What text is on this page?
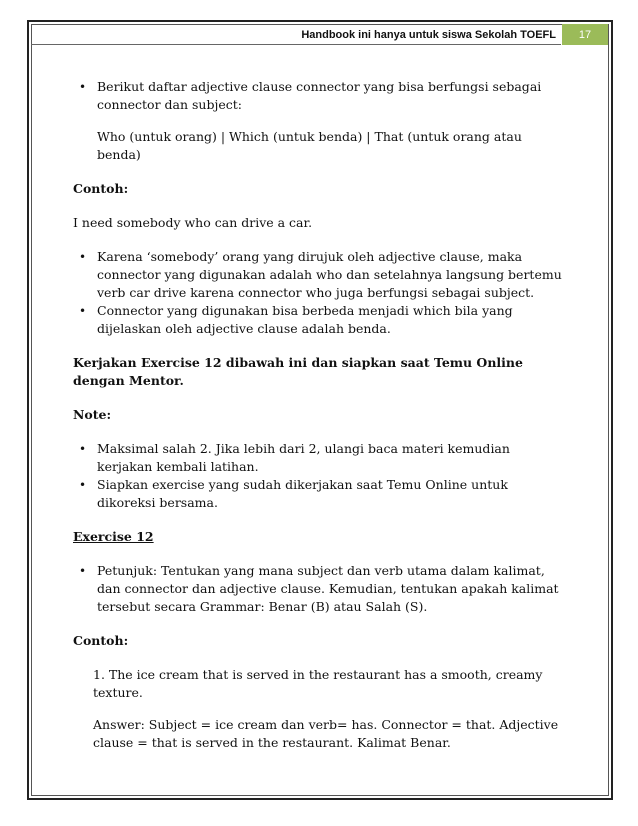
Handbook ini hanya untuk siswa Sekolah TOEFL	17
• Berikut daftar adjective clause connector yang bisa berfungsi sebagai connector dan subject:

Who (untuk orang) | Which (untuk benda) | That (untuk orang atau benda)

Contoh:

I need somebody who can drive a car.

• Karena ‘somebody’ orang yang dirujuk oleh adjective clause, maka connector yang digunakan adalah who dan setelahnya langsung bertemu verb car drive karena connector who juga berfungsi sebagai subject.
• Connector yang digunakan bisa berbeda menjadi which bila yang dijelaskan oleh adjective clause adalah benda.

Kerjakan Exercise 12 dibawah ini dan siapkan saat Temu Online dengan Mentor.

Note:

• Maksimal salah 2. Jika lebih dari 2, ulangi baca materi kemudian kerjakan kembali latihan.
• Siapkan exercise yang sudah dikerjakan saat Temu Online untuk dikoreksi bersama.

Exercise 12

• Petunjuk: Tentukan yang mana subject dan verb utama dalam kalimat, dan connector dan adjective clause. Kemudian, tentukan apakah kalimat tersebut secara Grammar: Benar (B) atau Salah (S).

Contoh:

1. The ice cream that is served in the restaurant has a smooth, creamy texture.

Answer: Subject = ice cream dan verb= has. Connector = that. Adjective clause = that is served in the restaurant. Kalimat Benar.
